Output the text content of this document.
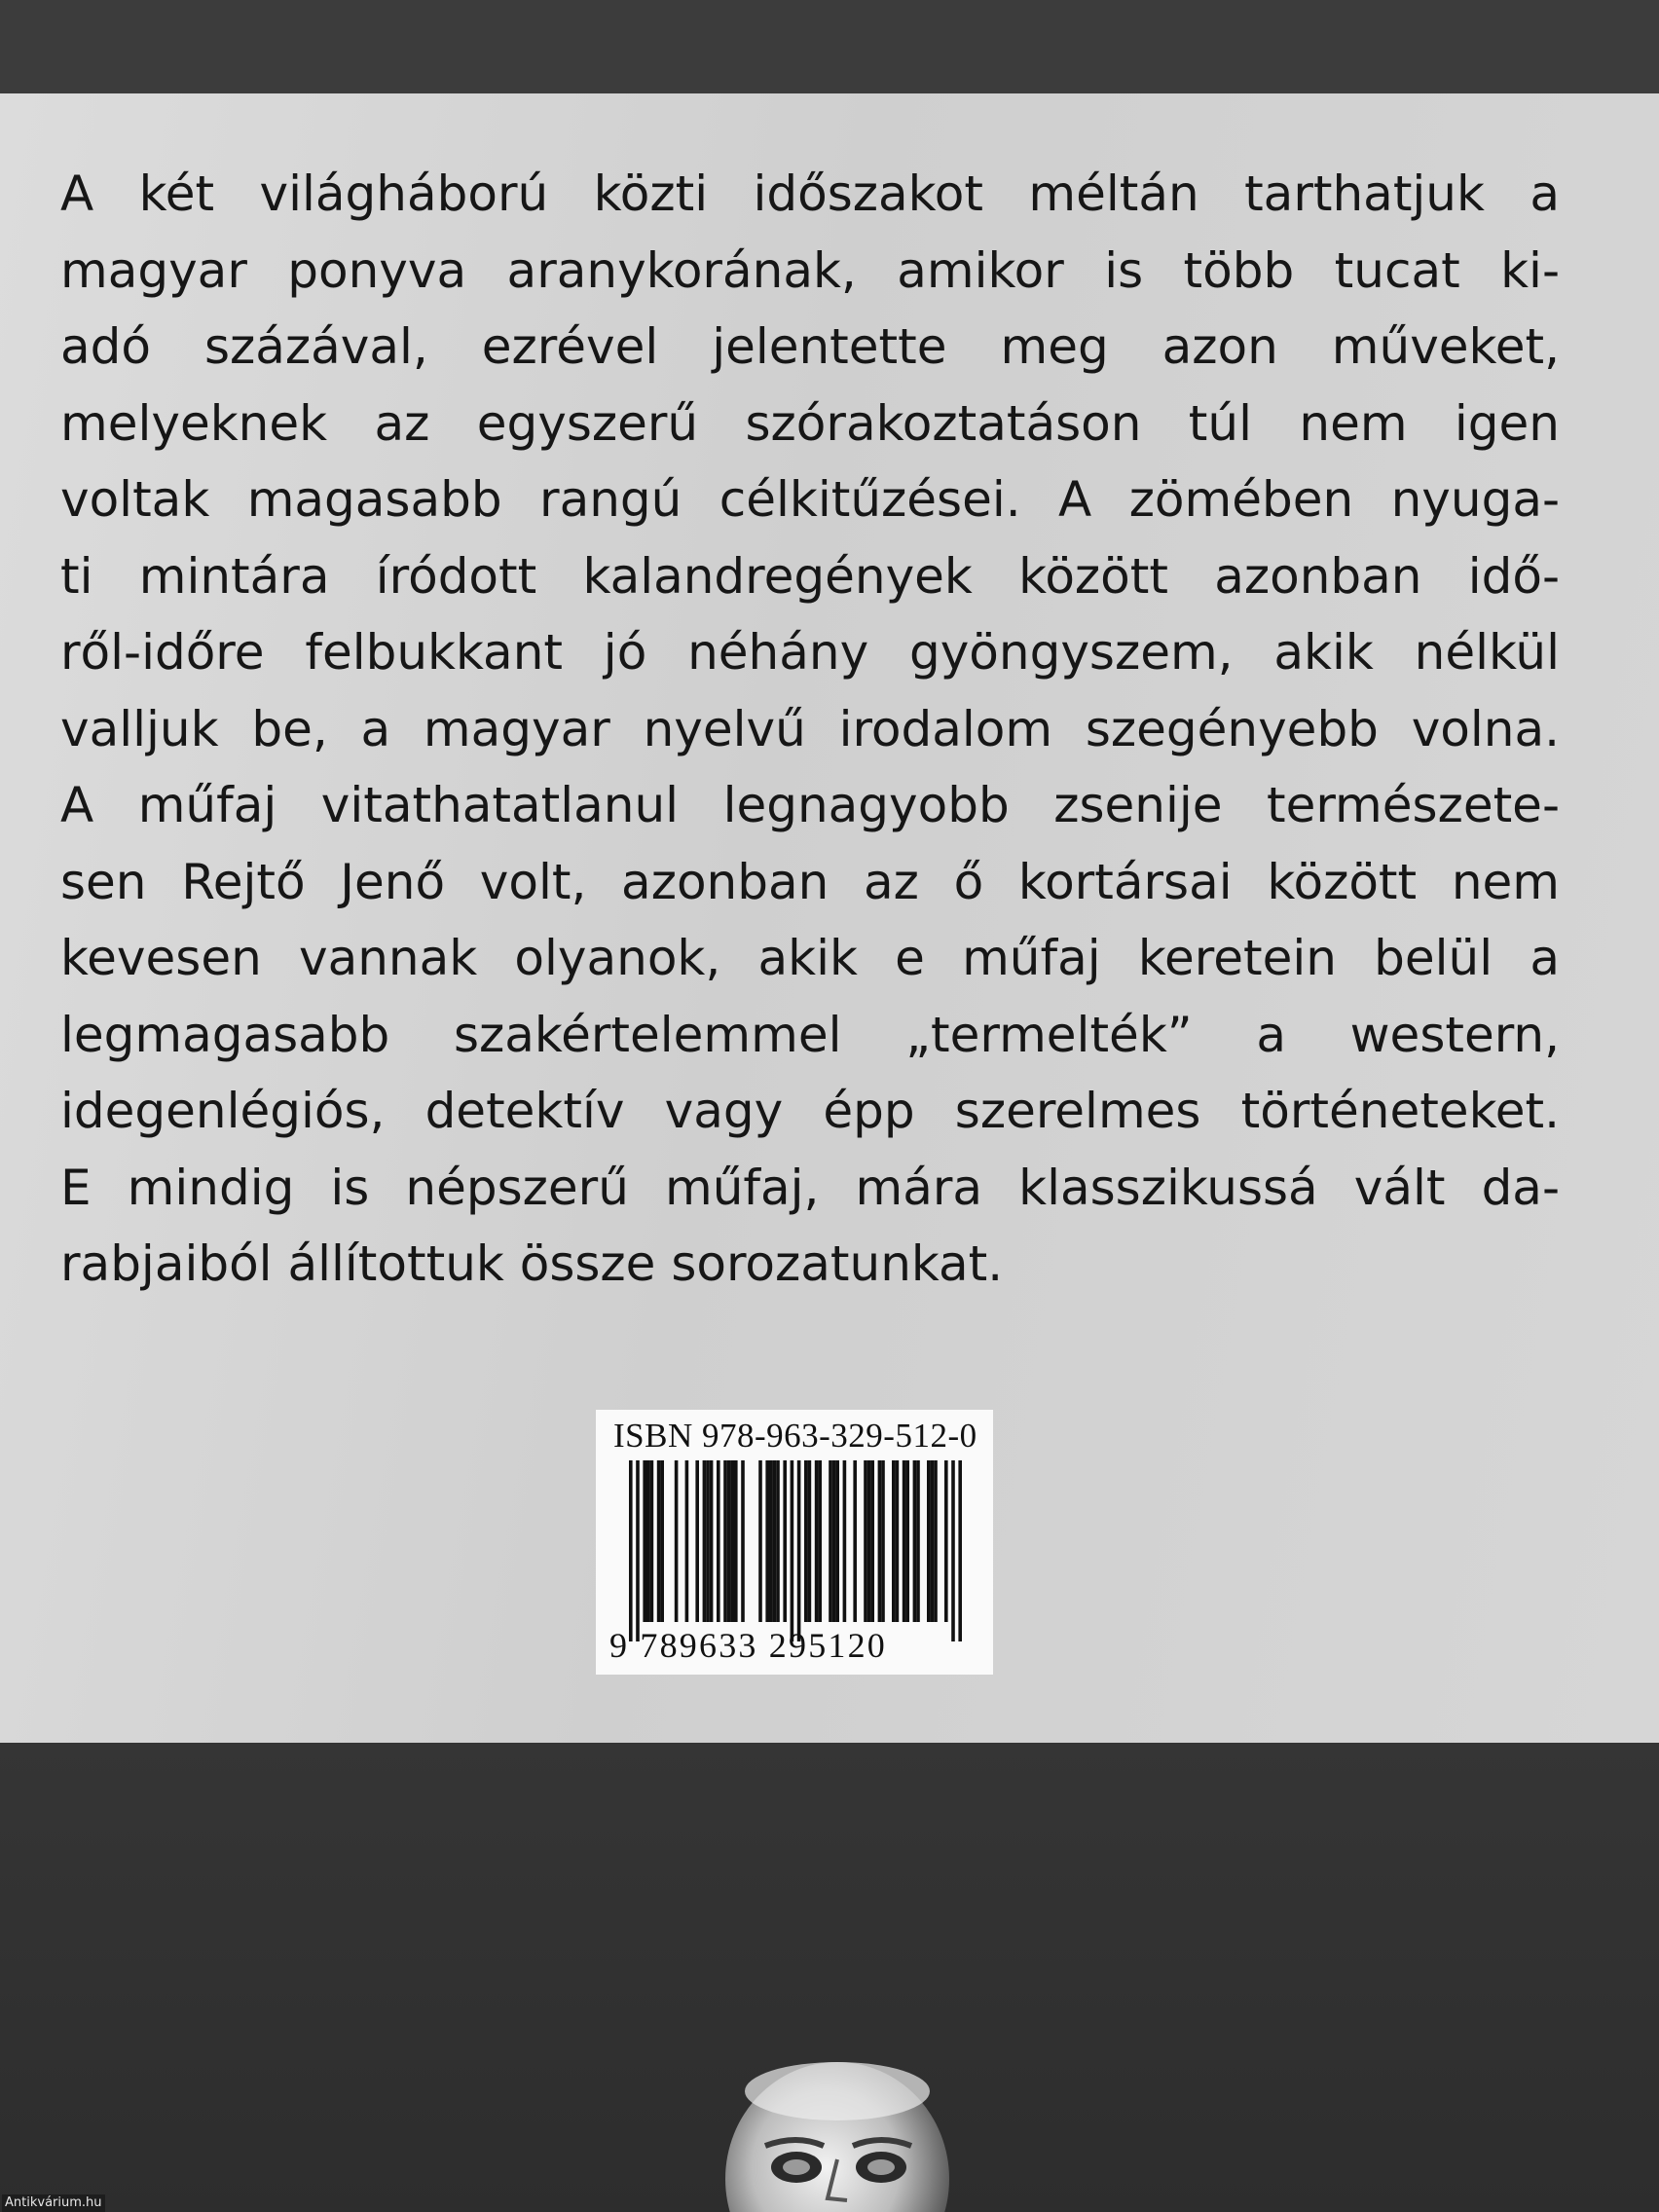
A két világháború közti időszakot méltán tarthatjuk a
magyar ponyva aranykorának, amikor is több tucat ki-
adó százával, ezrével jelentette meg azon műveket,
melyeknek az egyszerű szórakoztatáson túl nem igen
voltak magasabb rangú célkitűzései. A zömében nyuga-
ti mintára íródott kalandregények között azonban idő-
ről-időre felbukkant jó néhány gyöngyszem, akik nélkül
valljuk be, a magyar nyelvű irodalom szegényebb volna.
A műfaj vitathatatlanul legnagyobb zsenije természete-
sen Rejtő Jenő volt, azonban az ő kortársai között nem
kevesen vannak olyanok, akik e műfaj keretein belül a
legmagasabb szakértelemmel „termelték” a western,
idegenlégiós, detektív vagy épp szerelmes történeteket.
E mindig is népszerű műfaj, mára klasszikussá vált da-
rabjaiból állítottuk össze sorozatunkat.
ISBN 978-963-329-512-0
9 789633 295120
Antikvárium.hu
